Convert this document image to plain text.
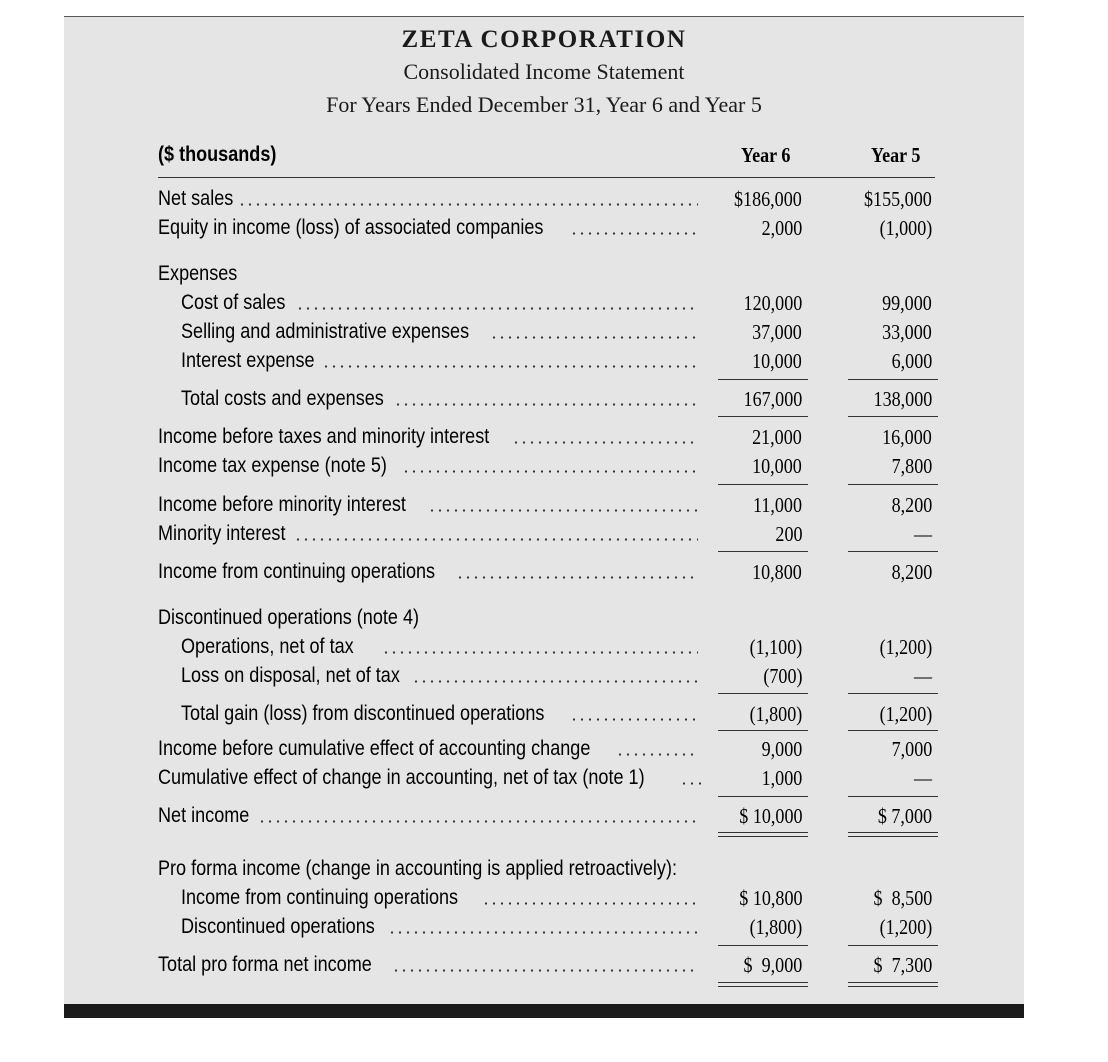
ZETA CORPORATION
Consolidated Income Statement
For Years Ended December 31, Year 6 and Year 5
($ thousands)	Year 6	Year 5
Net sales	$186,000	$155,000
Equity in income (loss) of associated companies	2,000	(1,000)
Expenses
Cost of sales	120,000	99,000
Selling and administrative expenses	37,000	33,000
Interest expense	10,000	6,000
Total costs and expenses	167,000	138,000
Income before taxes and minority interest	21,000	16,000
Income tax expense (note 5)	10,000	7,800
Income before minority interest	11,000	8,200
Minority interest	200	—
Income from continuing operations	10,800	8,200
Discontinued operations (note 4)
Operations, net of tax	(1,100)	(1,200)
Loss on disposal, net of tax	(700)	—
Total gain (loss) from discontinued operations	(1,800)	(1,200)
Income before cumulative effect of accounting change	9,000	7,000
Cumulative effect of change in accounting, net of tax (note 1)	1,000	—
Net income	$ 10,000	$ 7,000
Pro forma income (change in accounting is applied retroactively):
Income from continuing operations	$ 10,800	$  8,500
Discontinued operations	(1,800)	(1,200)
Total pro forma net income	$  9,000	$  7,300
